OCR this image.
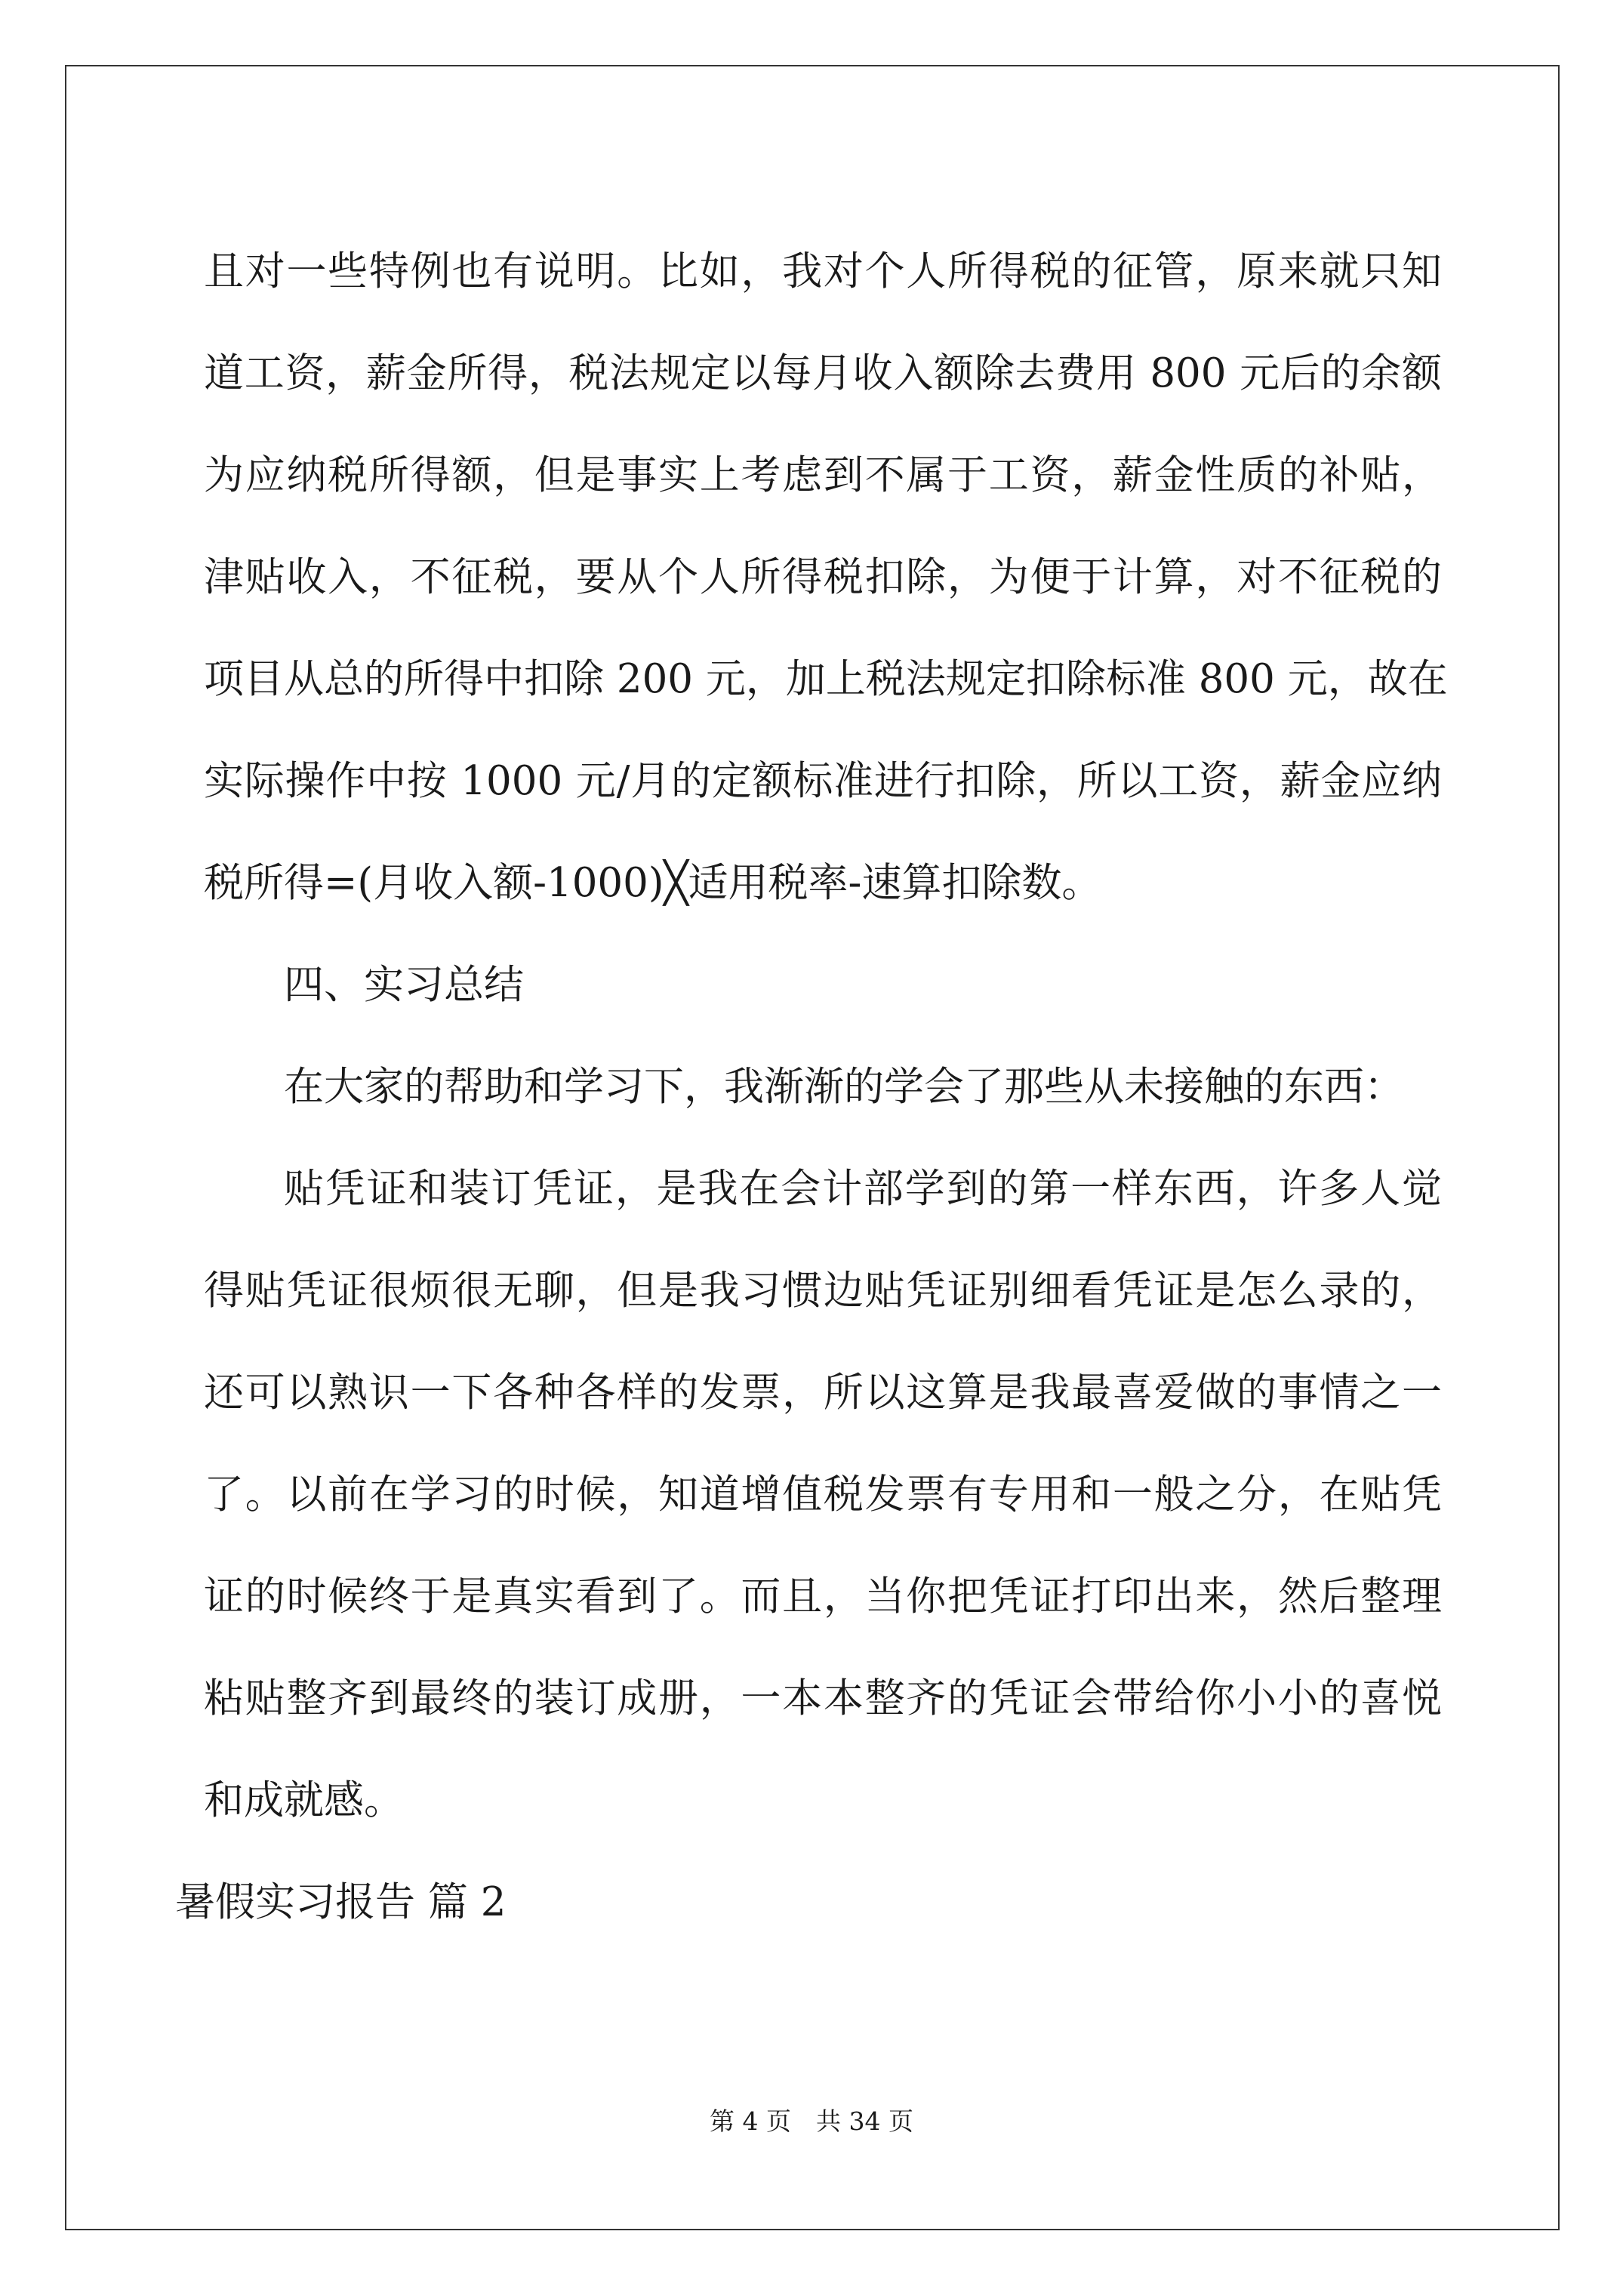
且对一些特例也有说明。比如，我对个人所得税的征管，原来就只知
道工资，薪金所得，税法规定以每月收入额除去费用 800 元后的余额
为应纳税所得额，但是事实上考虑到不属于工资，薪金性质的补贴，
津贴收入，不征税，要从个人所得税扣除，为便于计算，对不征税的
项目从总的所得中扣除 200 元，加上税法规定扣除标准 800 元，故在
实际操作中按 1000 元/月的定额标准进行扣除，所以工资，薪金应纳
税所得=(月收入额-1000)╳适用税率-速算扣除数。
四、实习总结
在大家的帮助和学习下，我渐渐的学会了那些从未接触的东西：
贴凭证和装订凭证，是我在会计部学到的第一样东西，许多人觉
得贴凭证很烦很无聊，但是我习惯边贴凭证别细看凭证是怎么录的，
还可以熟识一下各种各样的发票，所以这算是我最喜爱做的事情之一
了。以前在学习的时候，知道增值税发票有专用和一般之分，在贴凭
证的时候终于是真实看到了。而且，当你把凭证打印出来，然后整理
粘贴整齐到最终的装订成册，一本本整齐的凭证会带给你小小的喜悦
和成就感。
暑假实习报告 篇 2
第 4 页　共 34 页
